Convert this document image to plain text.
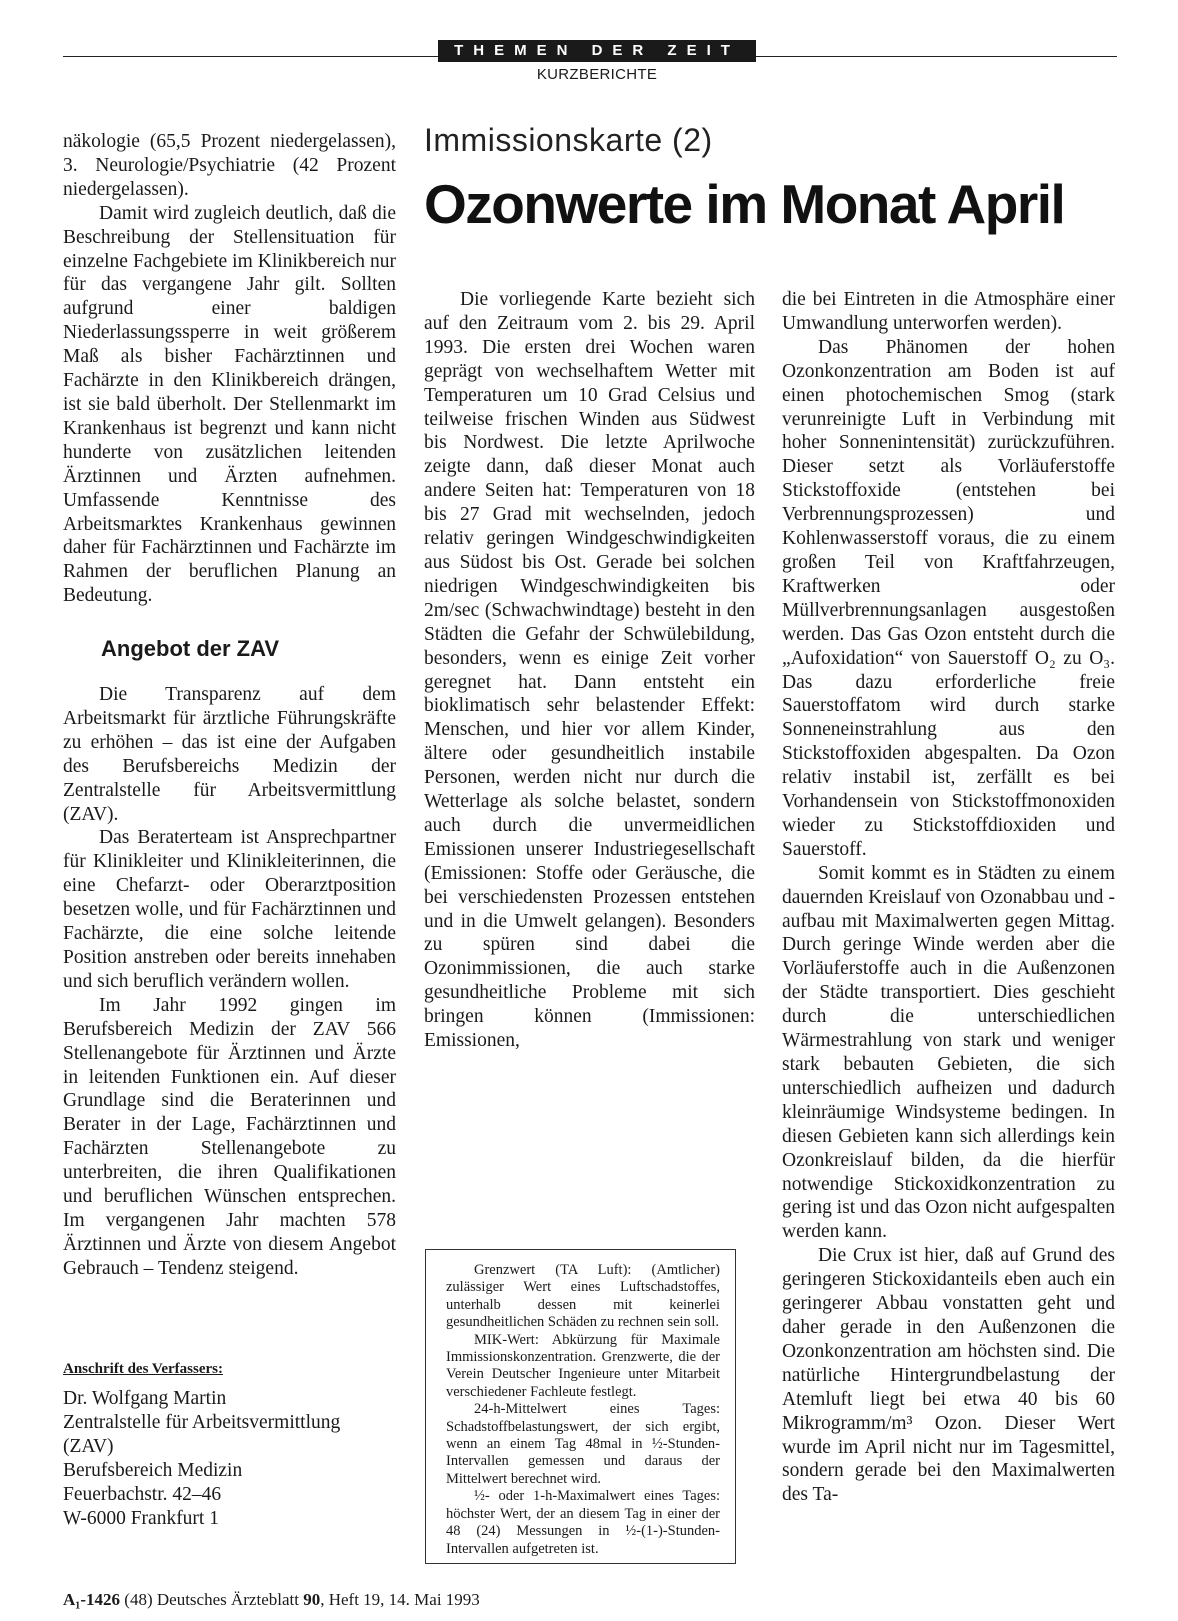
THEMEN DER ZEIT
KURZBERICHTE

näkologie (65,5 Prozent niedergelassen), 3. Neurologie/Psychiatrie (42 Prozent niedergelassen).

Damit wird zugleich deutlich, daß die Beschreibung der Stellensituation für einzelne Fachgebiete im Klinikbereich nur für das vergangene Jahr gilt. Sollten aufgrund einer baldigen Niederlassungssperre in weit größerem Maß als bisher Fachärztinnen und Fachärzte in den Klinikbereich drängen, ist sie bald überholt. Der Stellenmarkt im Krankenhaus ist begrenzt und kann nicht hunderte von zusätzlichen leitenden Ärztinnen und Ärzten aufnehmen. Umfassende Kenntnisse des Arbeitsmarktes Krankenhaus gewinnen daher für Fachärztinnen und Fachärzte im Rahmen der beruflichen Planung an Bedeutung.

Angebot der ZAV

Die Transparenz auf dem Arbeitsmarkt für ärztliche Führungskräfte zu erhöhen – das ist eine der Aufgaben des Berufsbereichs Medizin der Zentralstelle für Arbeitsvermittlung (ZAV).

Das Beraterteam ist Ansprechpartner für Klinikleiter und Klinikleiterinnen, die eine Chefarzt- oder Oberarztposition besetzen wolle, und für Fachärztinnen und Fachärzte, die eine solche leitende Position anstreben oder bereits innehaben und sich beruflich verändern wollen.

Im Jahr 1992 gingen im Berufsbereich Medizin der ZAV 566 Stellenangebote für Ärztinnen und Ärzte in leitenden Funktionen ein. Auf dieser Grundlage sind die Beraterinnen und Berater in der Lage, Fachärztinnen und Fachärzten Stellenangebote zu unterbreiten, die ihren Qualifikationen und beruflichen Wünschen entsprechen. Im vergangenen Jahr machten 578 Ärztinnen und Ärzte von diesem Angebot Gebrauch – Tendenz steigend.

Anschrift des Verfassers:
Dr. Wolfgang Martin
Zentralstelle für Arbeitsvermittlung
(ZAV)
Berufsbereich Medizin
Feuerbachstr. 42–46
W-6000 Frankfurt 1
Immissionskarte (2)
Ozonwerte im Monat April

Die vorliegende Karte bezieht sich auf den Zeitraum vom 2. bis 29. April 1993. Die ersten drei Wochen waren geprägt von wechselhaftem Wetter mit Temperaturen um 10 Grad Celsius und teilweise frischen Winden aus Südwest bis Nordwest. Die letzte Aprilwoche zeigte dann, daß dieser Monat auch andere Seiten hat: Temperaturen von 18 bis 27 Grad mit wechselnden, jedoch relativ geringen Windgeschwindigkeiten aus Südost bis Ost. Gerade bei solchen niedrigen Windgeschwindigkeiten bis 2m/sec (Schwachwindtage) besteht in den Städten die Gefahr der Schwülebildung, besonders, wenn es einige Zeit vorher geregnet hat. Dann entsteht ein bioklimatisch sehr belastender Effekt: Menschen, und hier vor allem Kinder, ältere oder gesundheitlich instabile Personen, werden nicht nur durch die Wetterlage als solche belastet, sondern auch durch die unvermeidlichen Emissionen unserer Industriegesellschaft (Emissionen: Stoffe oder Geräusche, die bei verschiedensten Prozessen entstehen und in die Umwelt gelangen). Besonders zu spüren sind dabei die Ozonimmissionen, die auch starke gesundheitliche Probleme mit sich bringen können (Immissionen: Emissionen,

Grenzwert (TA Luft): (Amtlicher) zulässiger Wert eines Luftschadstoffes, unterhalb dessen mit keinerlei gesundheitlichen Schäden zu rechnen sein soll.

MIK-Wert: Abkürzung für Maximale Immissionskonzentration. Grenzwerte, die der Verein Deutscher Ingenieure unter Mitarbeit verschiedener Fachleute festlegt.

24-h-Mittelwert eines Tages: Schadstoffbelastungswert, der sich ergibt, wenn an einem Tag 48mal in ½-Stunden-Intervallen gemessen und daraus der Mittelwert berechnet wird.

½- oder 1-h-Maximalwert eines Tages: höchster Wert, der an diesem Tag in einer der 48 (24) Messungen in ½-(1-)-Stunden-Intervallen aufgetreten ist.

die bei Eintreten in die Atmosphäre einer Umwandlung unterworfen werden).

Das Phänomen der hohen Ozonkonzentration am Boden ist auf einen photochemischen Smog (stark verunreinigte Luft in Verbindung mit hoher Sonnenintensität) zurückzuführen. Dieser setzt als Vorläuferstoffe Stickstoffoxide (entstehen bei Verbrennungsprozessen) und Kohlenwasserstoff voraus, die zu einem großen Teil von Kraftfahrzeugen, Kraftwerken oder Müllverbrennungsanlagen ausgestoßen werden. Das Gas Ozon entsteht durch die „Aufoxidation“ von Sauerstoff O₂ zu O₃. Das dazu erforderliche freie Sauerstoffatom wird durch starke Sonneneinstrahlung aus den Stickstoffoxiden abgespalten. Da Ozon relativ instabil ist, zerfällt es bei Vorhandensein von Stickstoffmonoxiden wieder zu Stickstoffdioxiden und Sauerstoff.

Somit kommt es in Städten zu einem dauernden Kreislauf von Ozonabbau und -aufbau mit Maximalwerten gegen Mittag. Durch geringe Winde werden aber die Vorläuferstoffe auch in die Außenzonen der Städte transportiert. Dies geschieht durch die unterschiedlichen Wärmestrahlung von stark und weniger stark bebauten Gebieten, die sich unterschiedlich aufheizen und dadurch kleinräumige Windsysteme bedingen. In diesen Gebieten kann sich allerdings kein Ozonkreislauf bilden, da die hierfür notwendige Stickoxidkonzentration zu gering ist und das Ozon nicht aufgespalten werden kann.

Die Crux ist hier, daß auf Grund des geringeren Stickoxidanteils eben auch ein geringerer Abbau vonstatten geht und daher gerade in den Außenzonen die Ozonkonzentration am höchsten sind. Die natürliche Hintergrundbelastung der Atemluft liegt bei etwa 40 bis 60 Mikrogramm/m³ Ozon. Dieser Wert wurde im April nicht nur im Tagesmittel, sondern gerade bei den Maximalwerten des Ta-

A₁-1426 (48) Deutsches Ärzteblatt 90, Heft 19, 14. Mai 1993
